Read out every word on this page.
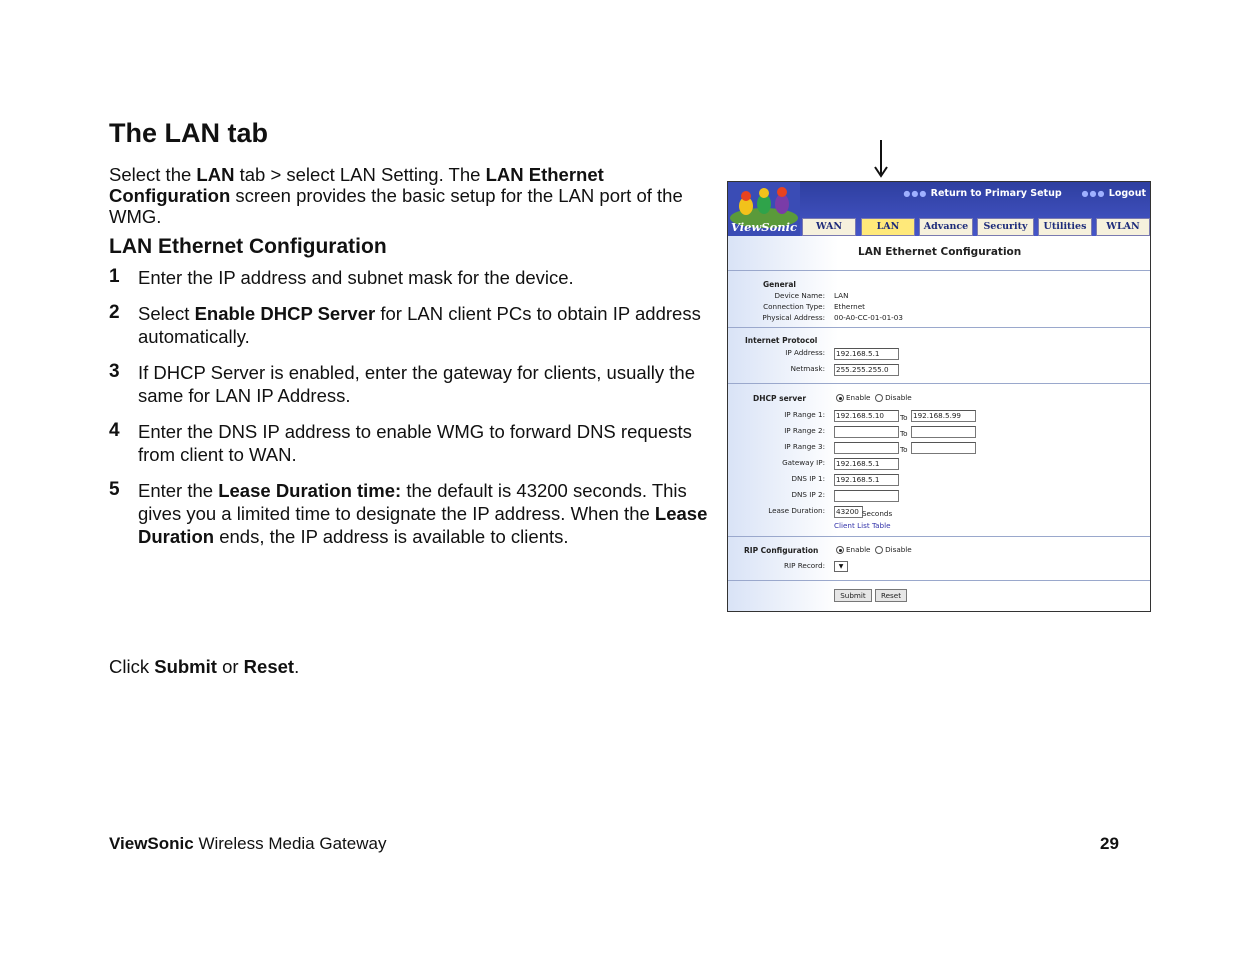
The LAN tab

Select the LAN tab > select LAN Setting. The LAN Ethernet Configuration screen provides the basic setup for the LAN port of the WMG.

LAN Ethernet Configuration
1 Enter the IP address and subnet mask for the device.
2 Select Enable DHCP Server for LAN client PCs to obtain IP address automatically.
3 If DHCP Server is enabled, enter the gateway for clients, usually the same for LAN IP Address.
4 Enter the DNS IP address to enable WMG to forward DNS requests from client to WAN.
5 Enter the Lease Duration time: the default is 43200 seconds. This gives you a limited time to designate the IP address. When the Lease Duration ends, the IP address is available to clients.

Click Submit or Reset.

ViewSonic Wireless Media Gateway	29
●●● Return to Primary Setup ●●● Logout
ViewSonic	WAN	LAN	Advance	Security	Utilities	WLAN
LAN Ethernet Configuration
General
Device Name: LAN
Connection Type: Ethernet
Physical Address: 00-A0-CC-01-01-03
Internet Protocol
IP Address: 192.168.5.1
Netmask: 255.255.255.0
DHCP server	Enable Disable
IP Range 1: 192.168.5.10	To 192.168.5.99
IP Range 2:	To
IP Range 3:	To
Gateway IP: 192.168.5.1
DNS IP 1: 192.168.5.1
DNS IP 2:
Lease Duration: 43200 Seconds
Client List Table
RIP Configuration	Enable Disable
RIP Record:	▼
Submit	Reset
